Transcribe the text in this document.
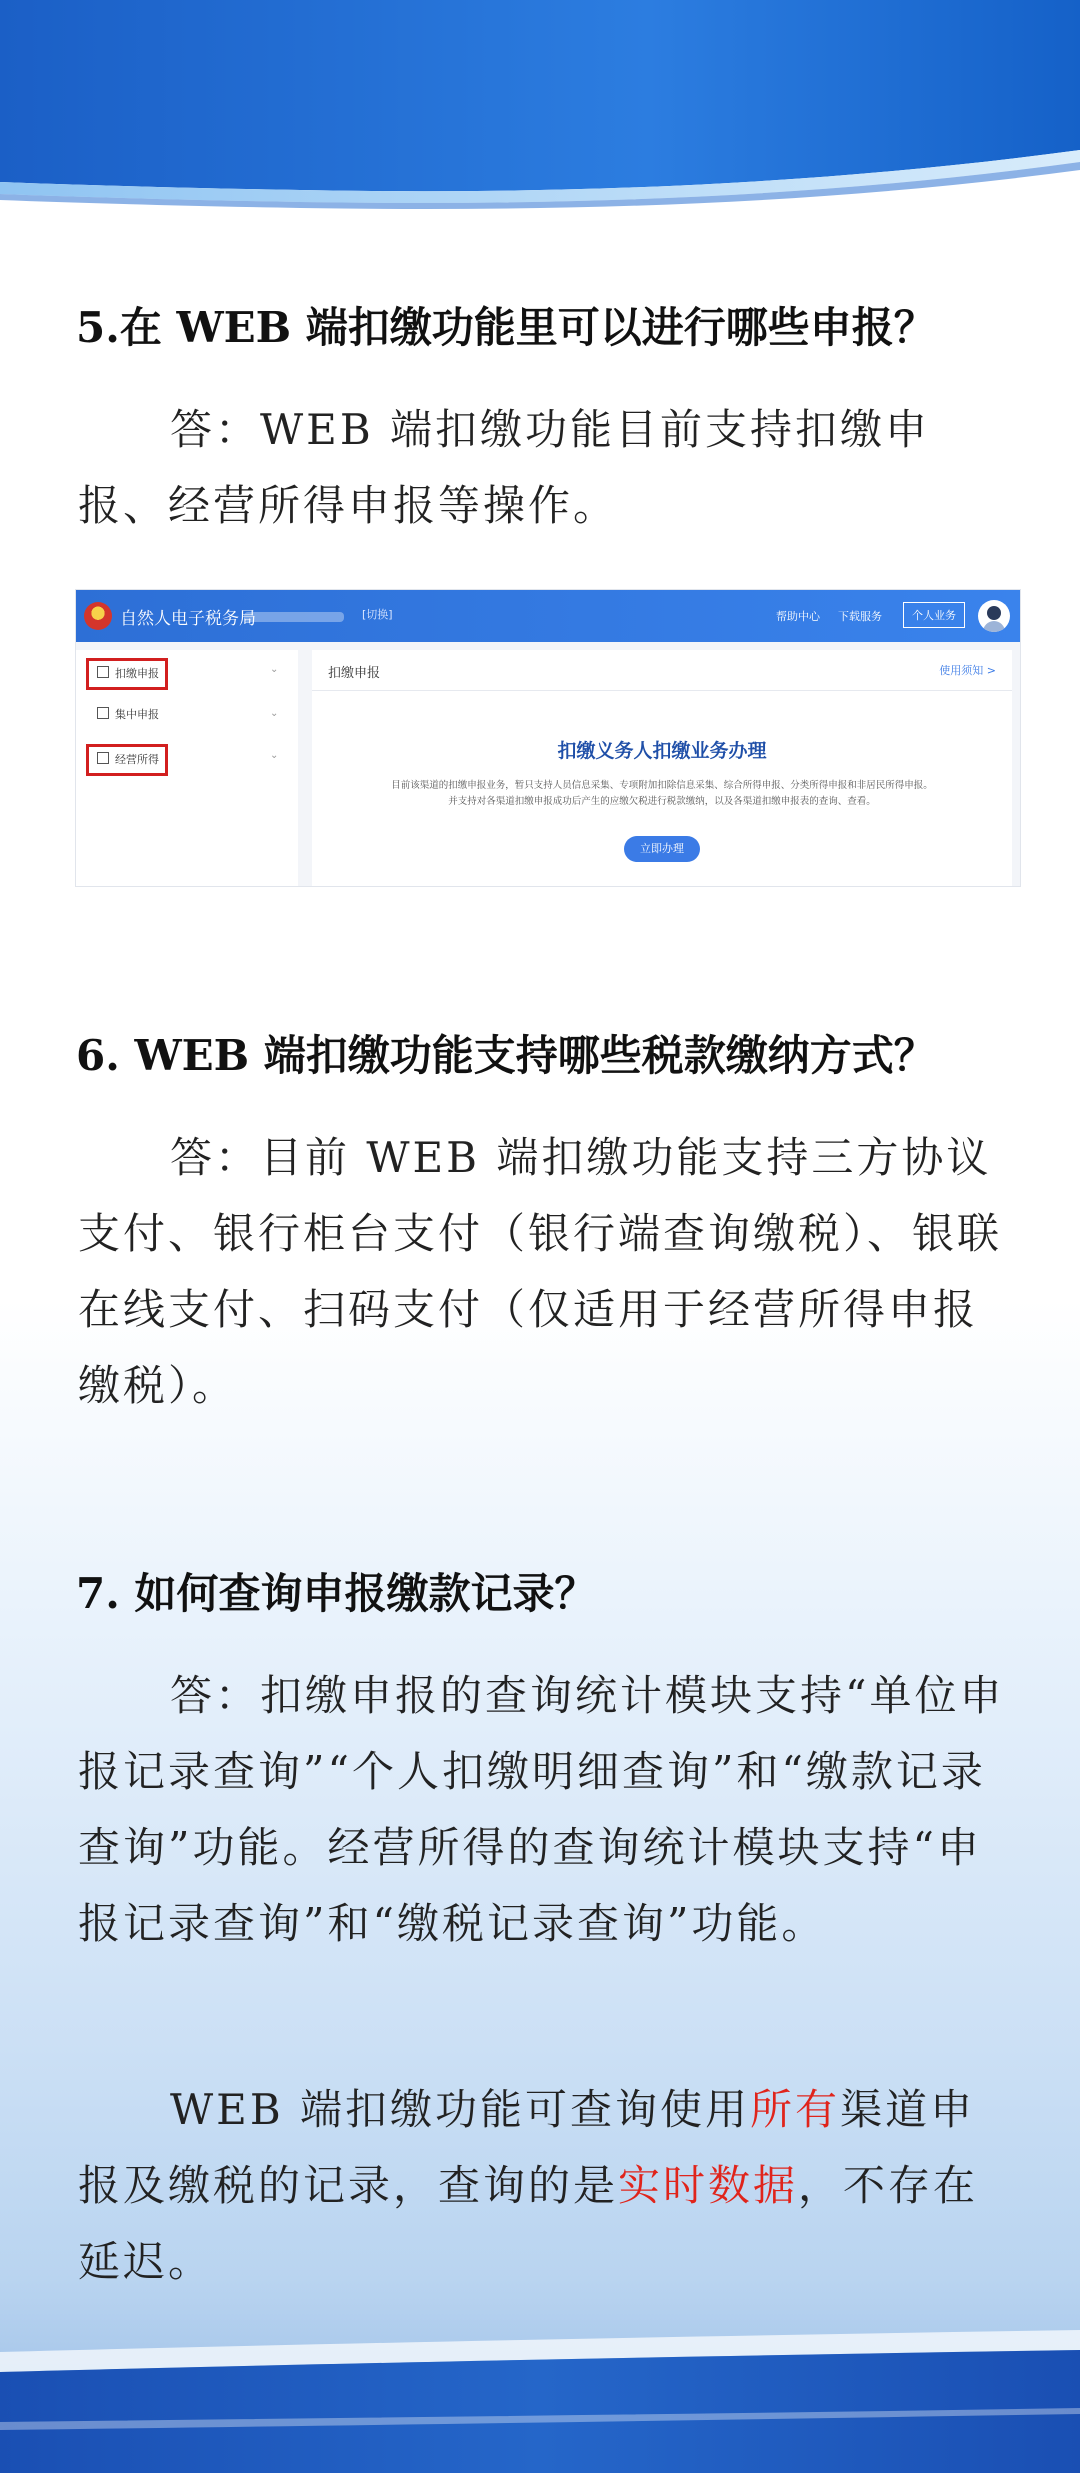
5.在 WEB 端扣缴功能里可以进行哪些申报？

答：WEB 端扣缴功能目前支持扣缴申报、经营所得申报等操作。

自然人电子税务局	[切换]	帮助中心 下载服务	个人业务
扣缴申报	⌄
集中申报	⌄
经营所得	⌄
扣缴申报	使用须知 >
扣缴义务人扣缴业务办理
目前该渠道的扣缴申报业务，暂只支持人员信息采集、专项附加扣除信息采集、综合所得申报、分类所得申报和非居民所得申报。
并支持对各渠道扣缴申报成功后产生的应缴欠税进行税款缴纳，以及各渠道扣缴申报表的查询、查看。
立即办理
6. WEB 端扣缴功能支持哪些税款缴纳方式？

答：目前 WEB 端扣缴功能支持三方协议支付、银行柜台支付（银行端查询缴税）、银联在线支付、扫码支付（仅适用于经营所得申报缴税）。

7. 如何查询申报缴款记录？

答：扣缴申报的查询统计模块支持“单位申报记录查询”“个人扣缴明细查询”和“缴款记录查询”功能。经营所得的查询统计模块支持“申报记录查询”和“缴税记录查询”功能。

WEB 端扣缴功能可查询使用所有渠道申报及缴税的记录，查询的是实时数据，不存在延迟。
